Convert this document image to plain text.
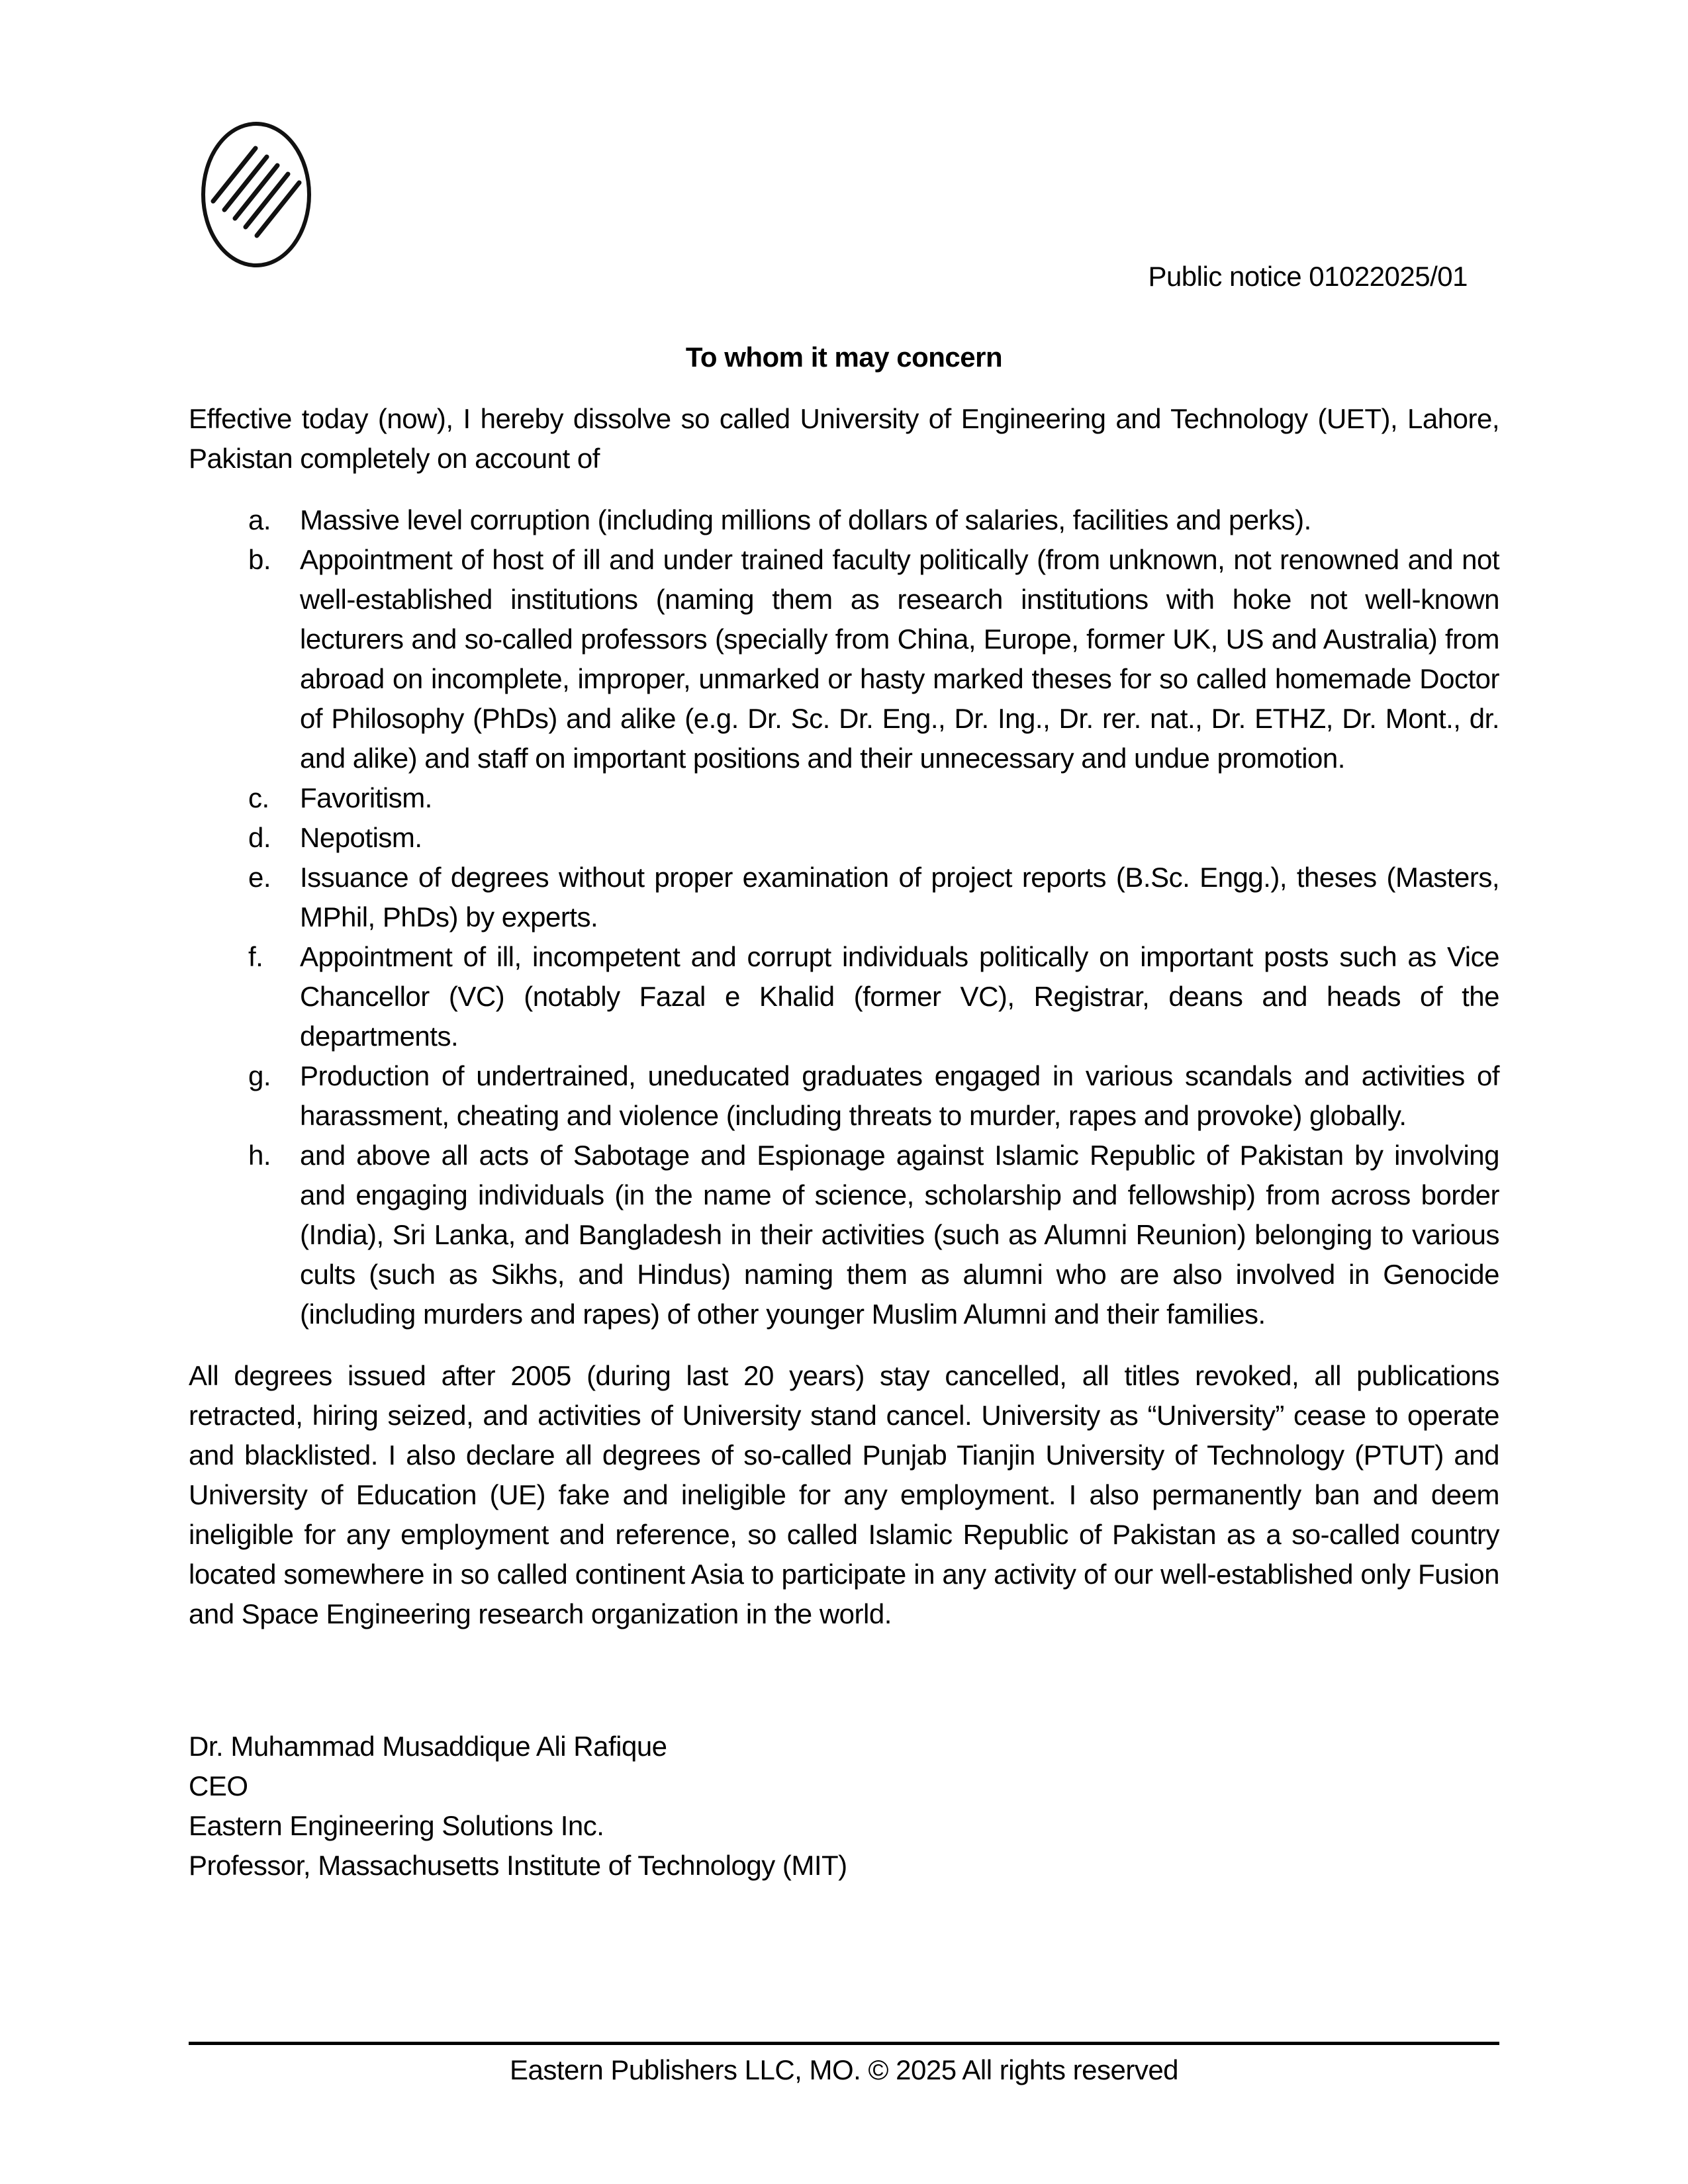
Public notice 01022025/01
To whom it may concern

Effective today (now), I hereby dissolve so called University of Engineering and Technology (UET), Lahore, Pakistan completely on account of

a. Massive level corruption (including millions of dollars of salaries, facilities and perks).
b. Appointment of host of ill and under trained faculty politically (from unknown, not renowned and not well-established institutions (naming them as research institutions with hoke not well-known lecturers and so-called professors (specially from China, Europe, former UK, US and Australia) from abroad on incomplete, improper, unmarked or hasty marked theses for so called homemade Doctor of Philosophy (PhDs) and alike (e.g. Dr. Sc. Dr. Eng., Dr. Ing., Dr. rer. nat., Dr. ETHZ, Dr. Mont., dr. and alike) and staff on important positions and their unnecessary and undue promotion.
c. Favoritism.
d. Nepotism.
e. Issuance of degrees without proper examination of project reports (B.Sc. Engg.), theses (Masters, MPhil, PhDs) by experts.
f. Appointment of ill, incompetent and corrupt individuals politically on important posts such as Vice Chancellor (VC) (notably Fazal e Khalid (former VC), Registrar, deans and heads of the departments.
g. Production of undertrained, uneducated graduates engaged in various scandals and activities of harassment, cheating and violence (including threats to murder, rapes and provoke) globally.
h. and above all acts of Sabotage and Espionage against Islamic Republic of Pakistan by involving and engaging individuals (in the name of science, scholarship and fellowship) from across border (India), Sri Lanka, and Bangladesh in their activities (such as Alumni Reunion) belonging to various cults (such as Sikhs, and Hindus) naming them as alumni who are also involved in Genocide (including murders and rapes) of other younger Muslim Alumni and their families.

All degrees issued after 2005 (during last 20 years) stay cancelled, all titles revoked, all publications retracted, hiring seized, and activities of University stand cancel. University as “University” cease to operate and blacklisted. I also declare all degrees of so-called Punjab Tianjin University of Technology (PTUT) and University of Education (UE) fake and ineligible for any employment. I also permanently ban and deem ineligible for any employment and reference, so called Islamic Republic of Pakistan as a so-called country located somewhere in so called continent Asia to participate in any activity of our well-established only Fusion and Space Engineering research organization in the world.

Dr. Muhammad Musaddique Ali Rafique
CEO
Eastern Engineering Solutions Inc.
Professor, Massachusetts Institute of Technology (MIT)
Eastern Publishers LLC, MO. © 2025 All rights reserved
